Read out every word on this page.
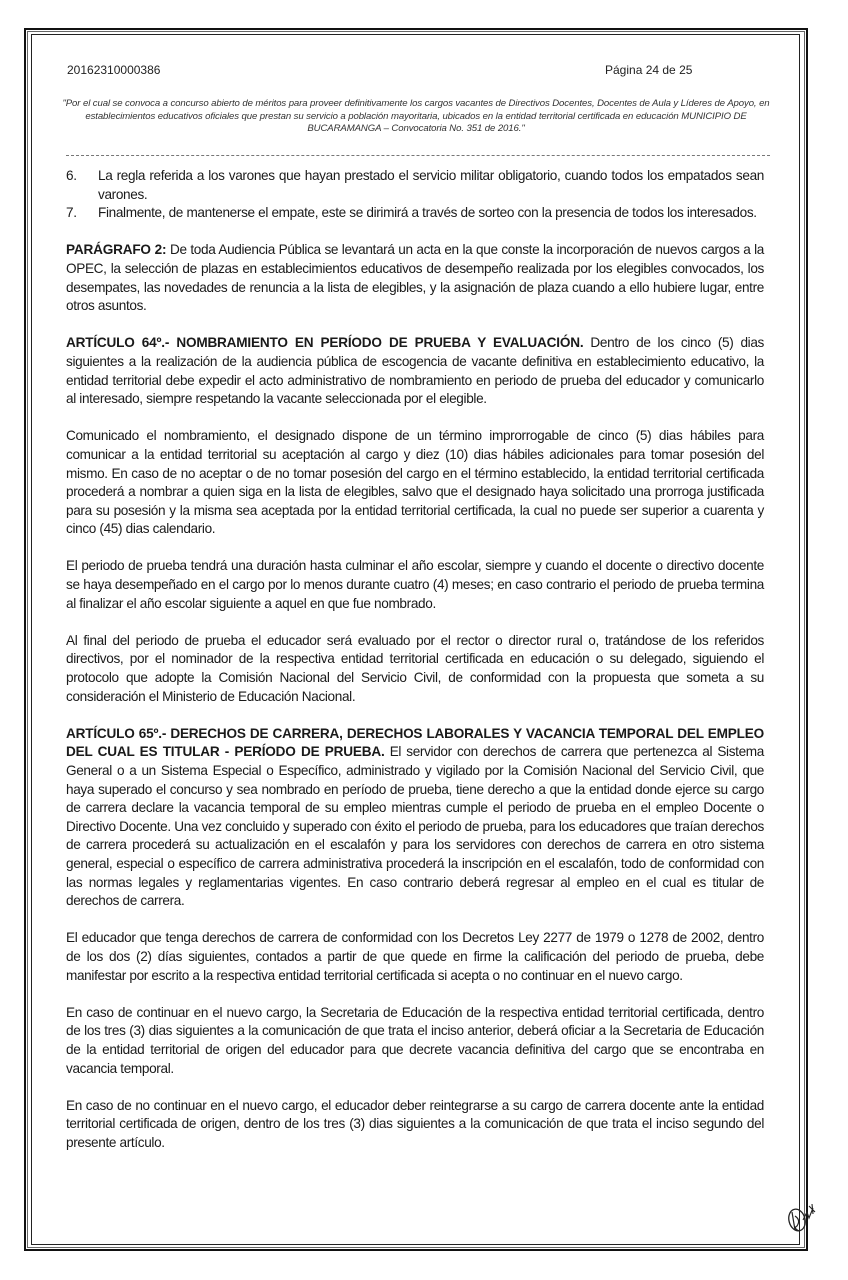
20162310000386	Página 24 de 25
"Por el cual se convoca a concurso abierto de méritos para proveer definitivamente los cargos vacantes de Directivos Docentes, Docentes de Aula y Líderes de Apoyo, en establecimientos educativos oficiales que prestan su servicio a población mayoritaria, ubicados en la entidad territorial certificada en educación MUNICIPIO DE BUCARAMANGA – Convocatoria No. 351 de 2016."
6.	La regla referida a los varones que hayan prestado el servicio militar obligatorio, cuando todos los empatados sean varones.
7.	Finalmente, de mantenerse el empate, este se dirimirá a través de sorteo con la presencia de todos los interesados.

PARÁGRAFO 2: De toda Audiencia Pública se levantará un acta en la que conste la incorporación de nuevos cargos a la OPEC, la selección de plazas en establecimientos educativos de desempeño realizada por los elegibles convocados, los desempates, las novedades de renuncia a la lista de elegibles, y la asignación de plaza cuando a ello hubiere lugar, entre otros asuntos.

ARTÍCULO 64º.- NOMBRAMIENTO EN PERÍODO DE PRUEBA Y EVALUACIÓN. Dentro de los cinco (5) dias siguientes a la realización de la audiencia pública de escogencia de vacante definitiva en establecimiento educativo, la entidad territorial debe expedir el acto administrativo de nombramiento en periodo de prueba del educador y comunicarlo al interesado, siempre respetando la vacante seleccionada por el elegible.

Comunicado el nombramiento, el designado dispone de un término improrrogable de cinco (5) dias hábiles para comunicar a la entidad territorial su aceptación al cargo y diez (10) dias hábiles adicionales para tomar posesión del mismo. En caso de no aceptar o de no tomar posesión del cargo en el término establecido, la entidad territorial certificada procederá a nombrar a quien siga en la lista de elegibles, salvo que el designado haya solicitado una prorroga justificada para su posesión y la misma sea aceptada por la entidad territorial certificada, la cual no puede ser superior a cuarenta y cinco (45) dias calendario.

El periodo de prueba tendrá una duración hasta culminar el año escolar, siempre y cuando el docente o directivo docente se haya desempeñado en el cargo por lo menos durante cuatro (4) meses; en caso contrario el periodo de prueba termina al finalizar el año escolar siguiente a aquel en que fue nombrado.

Al final del periodo de prueba el educador será evaluado por el rector o director rural o, tratándose de los referidos directivos, por el nominador de la respectiva entidad territorial certificada en educación o su delegado, siguiendo el protocolo que adopte la Comisión Nacional del Servicio Civil, de conformidad con la propuesta que someta a su consideración el Ministerio de Educación Nacional.

ARTÍCULO 65º.- DERECHOS DE CARRERA, DERECHOS LABORALES Y VACANCIA TEMPORAL DEL EMPLEO DEL CUAL ES TITULAR - PERÍODO DE PRUEBA. El servidor con derechos de carrera que pertenezca al Sistema General o a un Sistema Especial o Específico, administrado y vigilado por la Comisión Nacional del Servicio Civil, que haya superado el concurso y sea nombrado en período de prueba, tiene derecho a que la entidad donde ejerce su cargo de carrera declare la vacancia temporal de su empleo mientras cumple el periodo de prueba en el empleo Docente o Directivo Docente. Una vez concluido y superado con éxito el periodo de prueba, para los educadores que traían derechos de carrera procederá su actualización en el escalafón y para los servidores con derechos de carrera en otro sistema general, especial o específico de carrera administrativa procederá la inscripción en el escalafón, todo de conformidad con las normas legales y reglamentarias vigentes. En caso contrario deberá regresar al empleo en el cual es titular de derechos de carrera.

El educador que tenga derechos de carrera de conformidad con los Decretos Ley 2277 de 1979 o 1278 de 2002, dentro de los dos (2) días siguientes, contados a partir de que quede en firme la calificación del periodo de prueba, debe manifestar por escrito a la respectiva entidad territorial certificada si acepta o no continuar en el nuevo cargo.

En caso de continuar en el nuevo cargo, la Secretaria de Educación de la respectiva entidad territorial certificada, dentro de los tres (3) dias siguientes a la comunicación de que trata el inciso anterior, deberá oficiar a la Secretaria de Educación de la entidad territorial de origen del educador para que decrete vacancia definitiva del cargo que se encontraba en vacancia temporal.

En caso de no continuar en el nuevo cargo, el educador deber reintegrarse a su cargo de carrera docente ante la entidad territorial certificada de origen, dentro de los tres (3) dias siguientes a la comunicación de que trata el inciso segundo del presente artículo.
